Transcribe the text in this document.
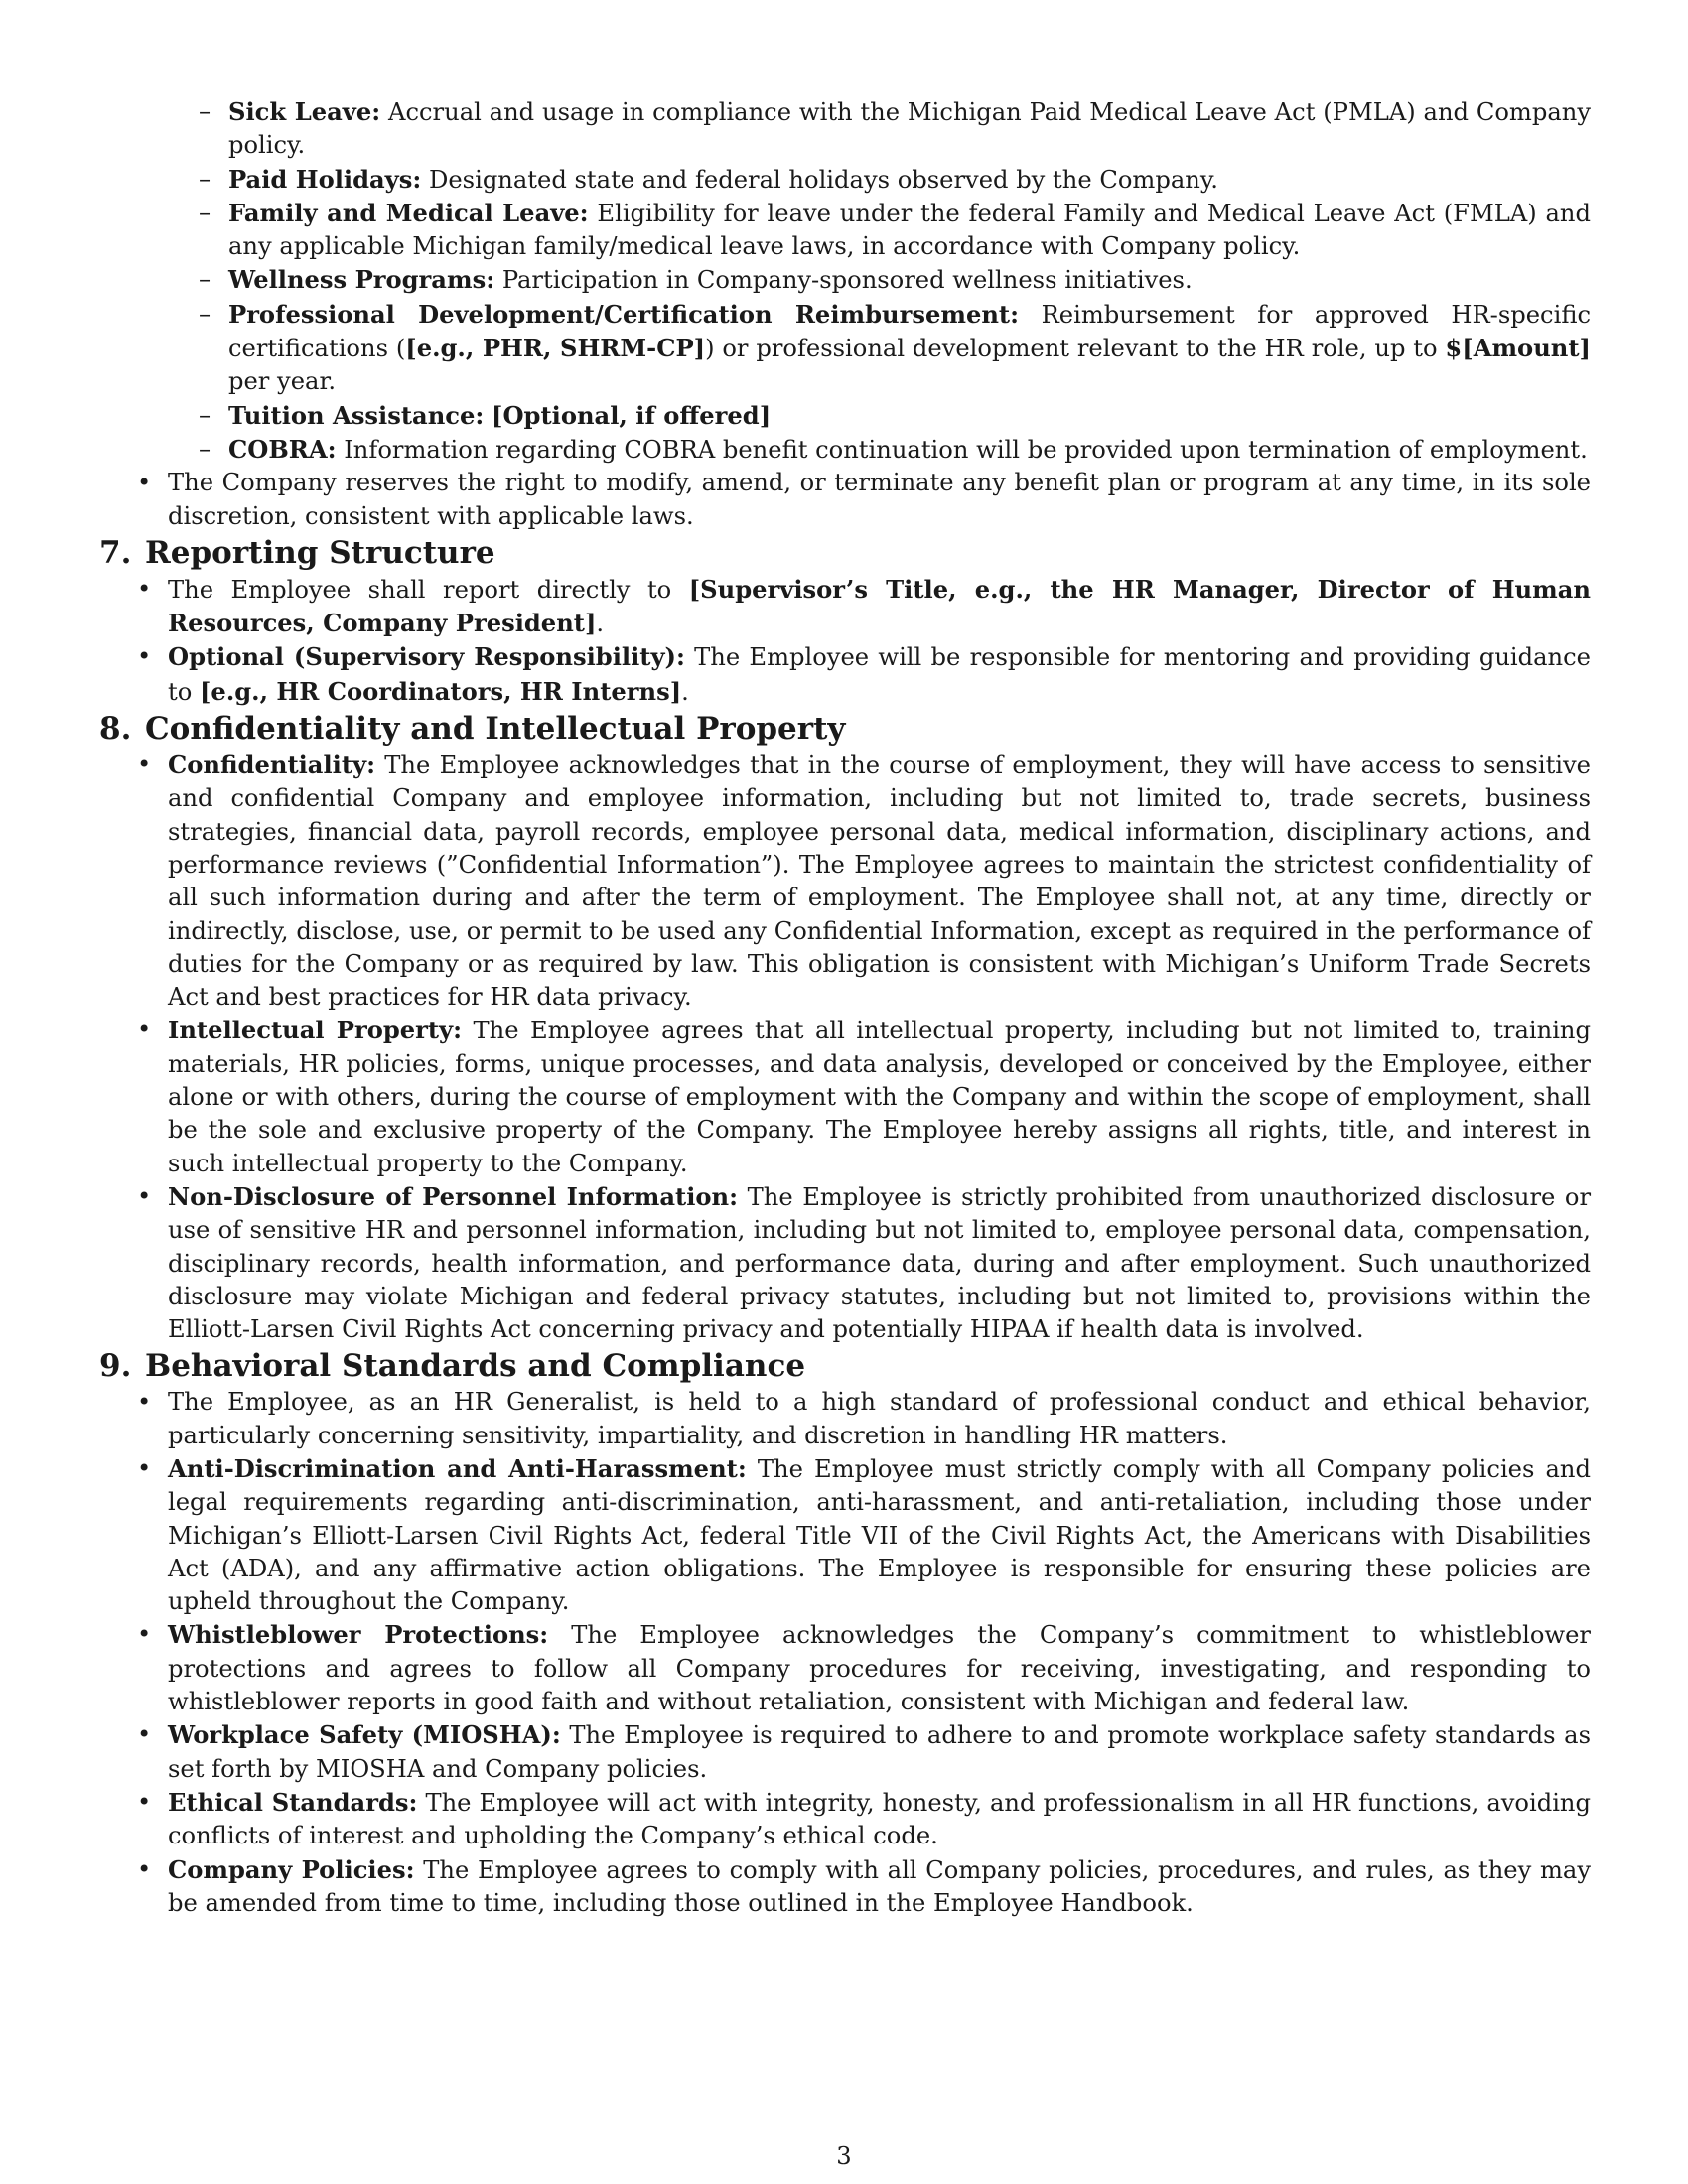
– Sick Leave: Accrual and usage in compliance with the Michigan Paid Medical Leave Act (PMLA) and Company policy.
– Paid Holidays: Designated state and federal holidays observed by the Company.
– Family and Medical Leave: Eligibility for leave under the federal Family and Medical Leave Act (FMLA) and any applicable Michigan family/medical leave laws, in accordance with Company policy.
– Wellness Programs: Participation in Company-sponsored wellness initiatives.
– Professional Development/Certification Reimbursement: Reimbursement for approved HR-specific certifications ([e.g., PHR, SHRM-CP]) or professional development relevant to the HR role, up to $[Amount] per year.
– Tuition Assistance: [Optional, if offered]
– COBRA: Information regarding COBRA benefit continuation will be provided upon termination of employment.
• The Company reserves the right to modify, amend, or terminate any benefit plan or program at any time, in its sole discretion, consistent with applicable laws.
7. Reporting Structure
• The Employee shall report directly to [Supervisor’s Title, e.g., the HR Manager, Director of Human Resources, Company President].
• Optional (Supervisory Responsibility): The Employee will be responsible for mentoring and providing guidance to [e.g., HR Coordinators, HR Interns].
8. Confidentiality and Intellectual Property
• Confidentiality: The Employee acknowledges that in the course of employment, they will have access to sensitive and confidential Company and employee information, including but not limited to, trade secrets, business strategies, financial data, payroll records, employee personal data, medical information, disciplinary actions, and performance reviews (”Confidential Information”). The Employee agrees to maintain the strictest confidentiality of all such information during and after the term of employment. The Employee shall not, at any time, directly or indirectly, disclose, use, or permit to be used any Confidential Information, except as required in the performance of duties for the Company or as required by law. This obligation is consistent with Michigan’s Uniform Trade Secrets Act and best practices for HR data privacy.
• Intellectual Property: The Employee agrees that all intellectual property, including but not limited to, training materials, HR policies, forms, unique processes, and data analysis, developed or conceived by the Employee, either alone or with others, during the course of employment with the Company and within the scope of employment, shall be the sole and exclusive property of the Company. The Employee hereby assigns all rights, title, and interest in such intellectual property to the Company.
• Non-Disclosure of Personnel Information: The Employee is strictly prohibited from unauthorized disclosure or use of sensitive HR and personnel information, including but not limited to, employee personal data, compensation, disciplinary records, health information, and performance data, during and after employment. Such unauthorized disclosure may violate Michigan and federal privacy statutes, including but not limited to, provisions within the Elliott-Larsen Civil Rights Act concerning privacy and potentially HIPAA if health data is involved.
9. Behavioral Standards and Compliance
• The Employee, as an HR Generalist, is held to a high standard of professional conduct and ethical behavior, particularly concerning sensitivity, impartiality, and discretion in handling HR matters.
• Anti-Discrimination and Anti-Harassment: The Employee must strictly comply with all Company policies and legal requirements regarding anti-discrimination, anti-harassment, and anti-retaliation, including those under Michigan’s Elliott-Larsen Civil Rights Act, federal Title VII of the Civil Rights Act, the Americans with Disabilities Act (ADA), and any affirmative action obligations. The Employee is responsible for ensuring these policies are upheld throughout the Company.
• Whistleblower Protections: The Employee acknowledges the Company’s commitment to whistleblower protections and agrees to follow all Company procedures for receiving, investigating, and responding to whistleblower reports in good faith and without retaliation, consistent with Michigan and federal law.
• Workplace Safety (MIOSHA): The Employee is required to adhere to and promote workplace safety standards as set forth by MIOSHA and Company policies.
• Ethical Standards: The Employee will act with integrity, honesty, and professionalism in all HR functions, avoiding conflicts of interest and upholding the Company’s ethical code.
• Company Policies: The Employee agrees to comply with all Company policies, procedures, and rules, as they may be amended from time to time, including those outlined in the Employee Handbook.
3
